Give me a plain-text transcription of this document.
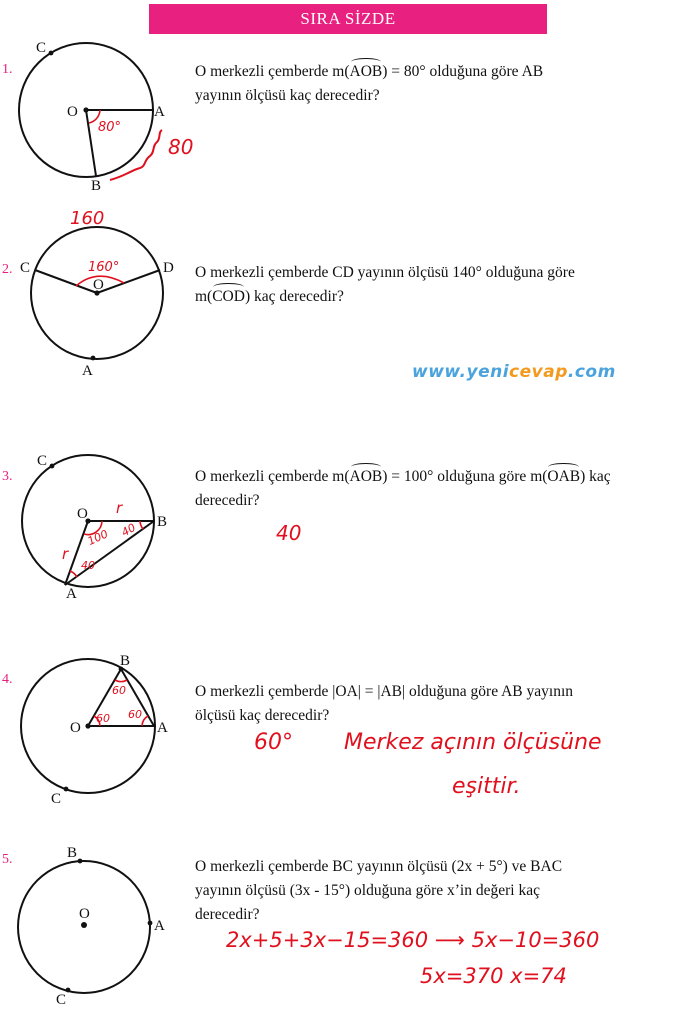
SIRA SİZDE
1.
2.
3.
4.
5.
C
O	A
B
80°
80
C
O
D
A
160°
160
C
O	B
A
100 40
40
r
r
40
B
O	A
C
60
60 60
B
O
A
C
O merkezli çemberde m(AOB) = 80° olduğuna göre AB
yayının ölçüsü kaç derecedir?
O merkezli çemberde CD yayının ölçüsü 140° olduğuna göre
m(COD) kaç derecedir?
www.yenicevap.com
O merkezli çemberde m(AOB) = 100° olduğuna göre m(OAB) kaç
derecedir?
O merkezli çemberde |OA| = |AB| olduğuna göre AB yayının
ölçüsü kaç derecedir?
60° Merkez açının ölçüsüne
eşittir.
O merkezli çemberde BC yayının ölçüsü (2x + 5°) ve BAC
yayının ölçüsü (3x - 15°) olduğuna göre x’in değeri kaç
derecedir?
2x+5+3x−15=360 ⟶ 5x−10=360
5x=370 x=74
